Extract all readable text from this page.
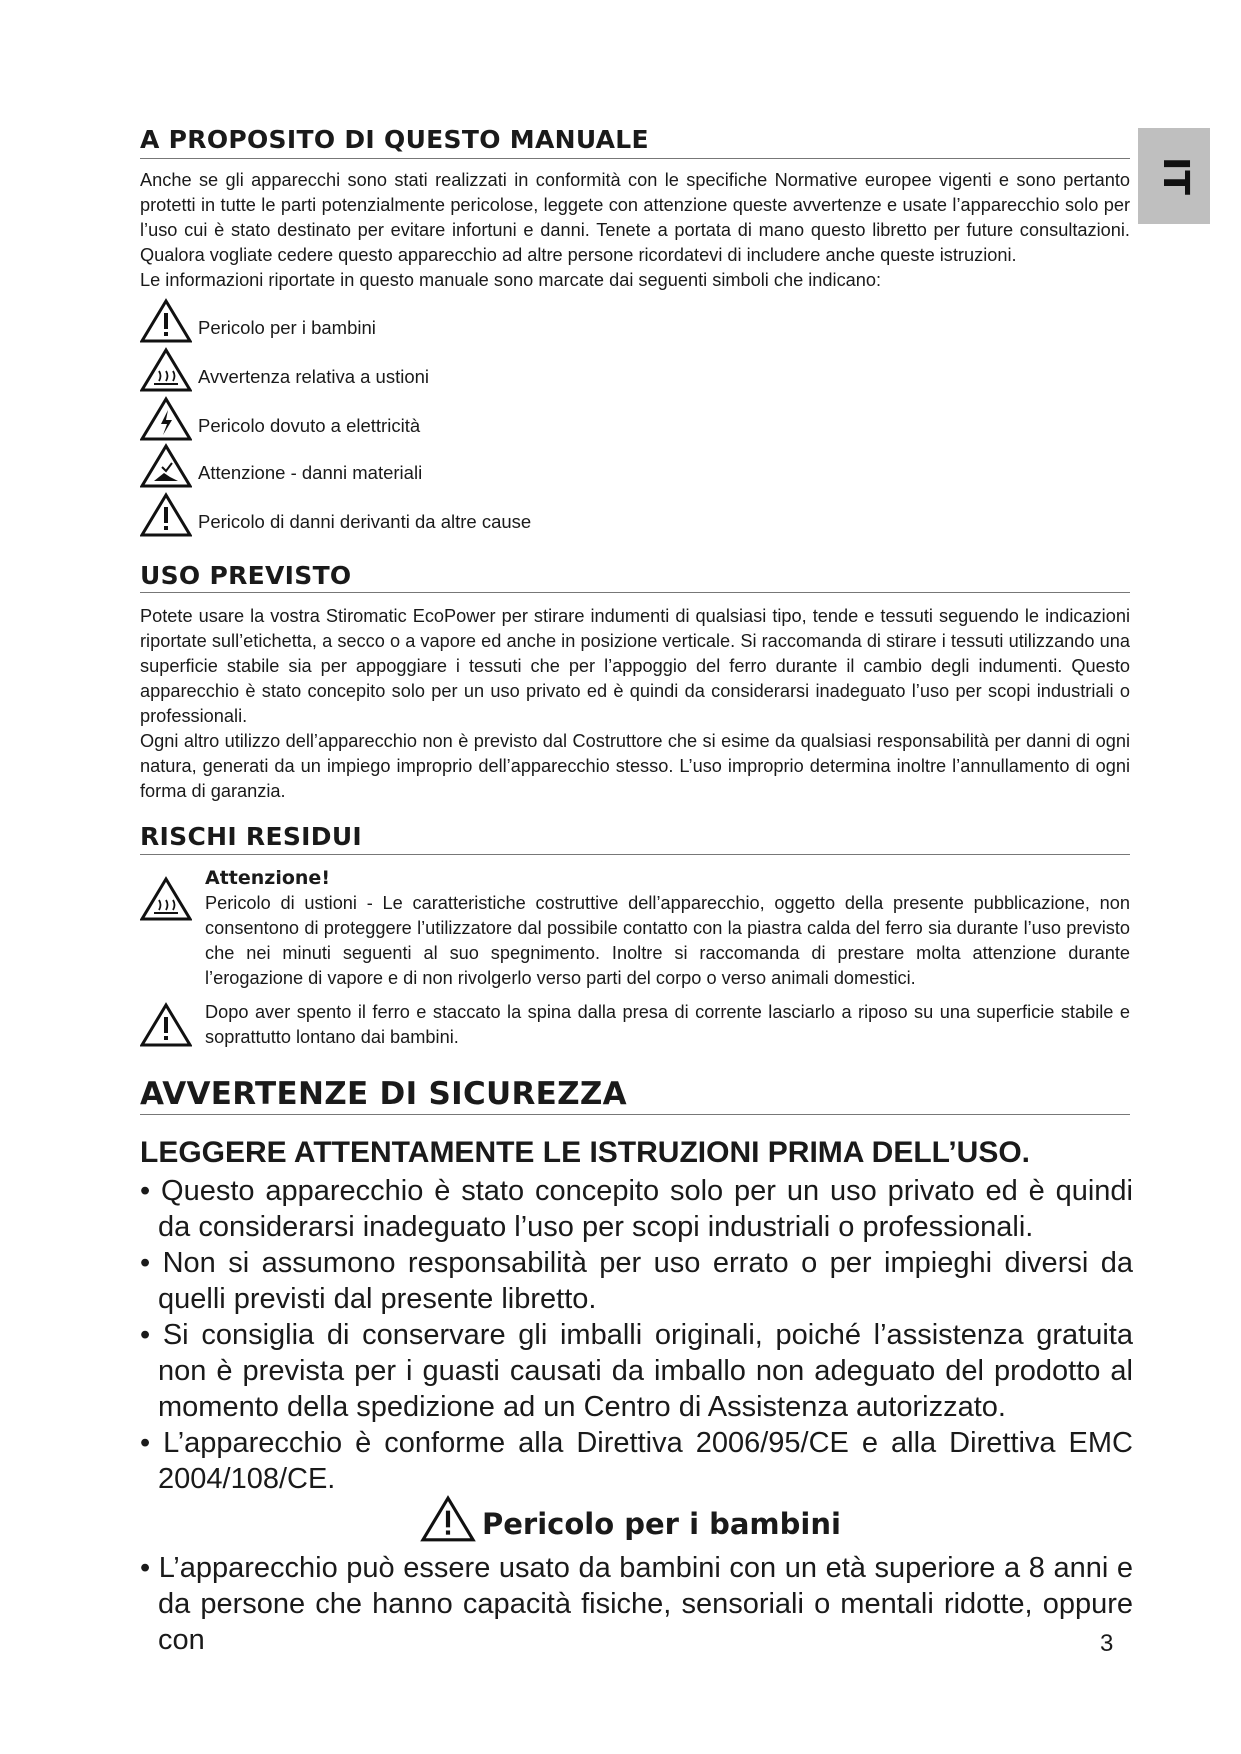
IT
A PROPOSITO DI QUESTO MANUALE

Anche se gli apparecchi sono stati realizzati in conformità con le specifiche Normative europee vigenti e sono pertanto protetti in tutte le parti potenzialmente pericolose, leggete con attenzione queste avvertenze e usate l’apparecchio solo per l’uso cui è stato destinato per evitare infortuni e danni. Tenete a portata di mano questo libretto per future consultazioni. Qualora vogliate cedere questo apparecchio ad altre persone ricordatevi di includere anche queste istruzioni.

Le informazioni riportate in questo manuale sono marcate dai seguenti simboli che indicano:

Pericolo per i bambini
Avvertenza relativa a ustioni
Pericolo dovuto a elettricità
Attenzione - danni materiali
Pericolo di danni derivanti da altre cause
USO PREVISTO

Potete usare la vostra Stiromatic EcoPower per stirare indumenti di qualsiasi tipo, tende e tessuti seguendo le indicazioni riportate sull’etichetta, a secco o a vapore ed anche in posizione verticale. Si raccomanda di stirare i tessuti utilizzando una superficie stabile sia per appoggiare i tessuti che per l’appoggio del ferro durante il cambio degli indumenti. Questo apparecchio è stato concepito solo per un uso privato ed è quindi da considerarsi inadeguato l’uso per scopi industriali o professionali.

Ogni altro utilizzo dell’apparecchio non è previsto dal Costruttore che si esime da qualsiasi responsabilità per danni di ogni natura, generati da un impiego improprio dell’apparecchio stesso. L’uso improprio determina inoltre l’annullamento di ogni forma di garanzia.

RISCHI RESIDUI
Attenzione!
Pericolo di ustioni - Le caratteristiche costruttive dell’apparecchio, oggetto della presente pubblicazione, non consentono di proteggere l’utilizzatore dal possibile contatto con la piastra calda del ferro sia durante l’uso previsto che nei minuti seguenti al suo spegnimento. Inoltre si raccomanda di prestare molta attenzione durante l’erogazione di vapore e di non rivolgerlo verso parti del corpo o verso animali domestici.
Dopo aver spento il ferro e staccato la spina dalla presa di corrente lasciarlo a riposo su una superficie stabile e soprattutto lontano dai bambini.
AVVERTENZE DI SICUREZZA
LEGGERE ATTENTAMENTE LE ISTRUZIONI PRIMA DELL’USO.
• Questo apparecchio è stato concepito solo per un uso privato ed è quindi da considerarsi inadeguato l’uso per scopi industriali o professionali.
• Non si assumono responsabilità per uso errato o per impieghi diversi da quelli previsti dal presente libretto.
• Si consiglia di conservare gli imballi originali, poiché l’assistenza gratuita non è prevista per i guasti causati da imballo non adeguato del prodotto al momento della spedizione ad un Centro di Assistenza autorizzato.
• L’apparecchio è conforme alla Direttiva 2006/95/CE e alla Direttiva EMC 2004/108/CE.
Pericolo per i bambini
• L’apparecchio può essere usato da bambini con un età superiore a 8 anni e da persone che hanno capacità fisiche, sensoriali o mentali ridotte, oppure con	3
